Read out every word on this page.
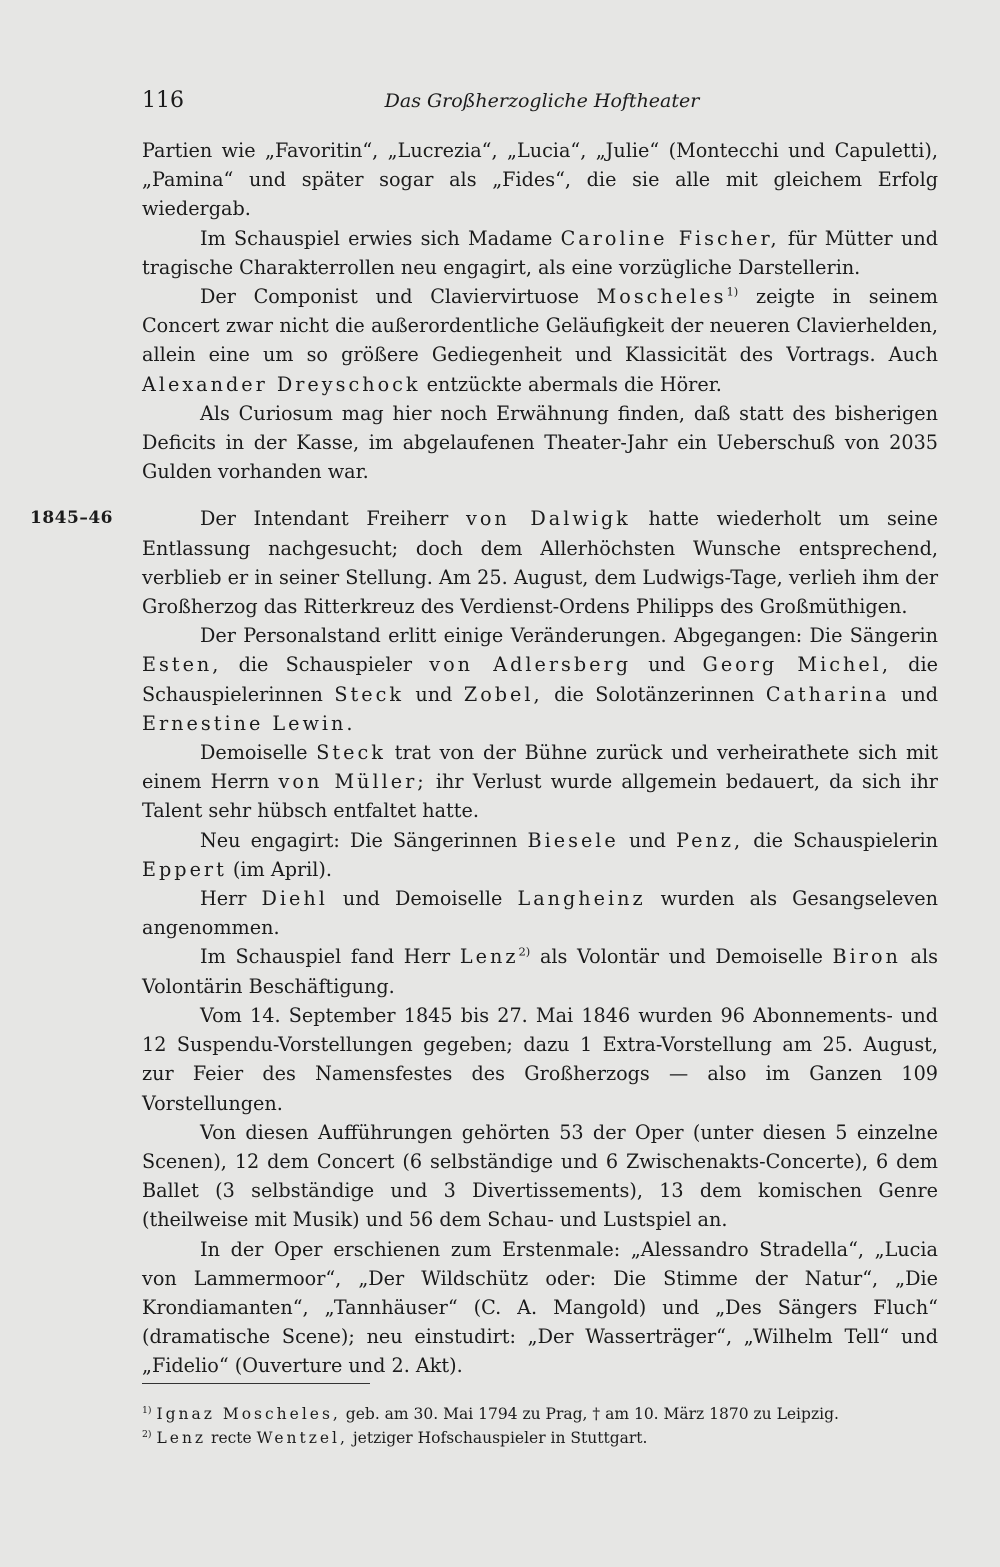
116	Das Großherzogliche Hoftheater

Partien wie „Favoritin“, „Lucrezia“, „Lucia“, „Julie“ (Montecchi und Capuletti), „Pamina“ und später sogar als „Fides“, die sie alle mit gleichem Erfolg wiedergab.

Im Schauspiel erwies sich Madame Caroline Fischer, für Mütter und tragische Charakterrollen neu engagirt, als eine vorzügliche Darstellerin.

Der Componist und Claviervirtuose Moscheles$^{1)}$ zeigte in seinem Concert zwar nicht die außerordentliche Geläufigkeit der neueren Clavierhelden, allein eine um so größere Gediegenheit und Klassicität des Vortrags. Auch Alexander Dreyschock entzückte abermals die Hörer.

Als Curiosum mag hier noch Erwähnung finden, daß statt des bisherigen Deficits in der Kasse, im abgelaufenen Theater-Jahr ein Ueberschuß von 2035 Gulden vorhanden war.

1845–46	Der Intendant Freiherr von Dalwigk hatte wiederholt um seine Entlassung nachgesucht; doch dem Allerhöchsten Wunsche entsprechend, verblieb er in seiner Stellung. Am 25. August, dem Ludwigs-Tage, verlieh ihm der Großherzog das Ritterkreuz des Verdienst-Ordens Philipps des Großmüthigen.

Der Personalstand erlitt einige Veränderungen. Abgegangen: Die Sängerin Esten, die Schauspieler von Adlersberg und Georg Michel, die Schauspielerinnen Steck und Zobel, die Solotänzerinnen Catharina und Ernestine Lewin.

Demoiselle Steck trat von der Bühne zurück und verheirathete sich mit einem Herrn von Müller; ihr Verlust wurde allgemein bedauert, da sich ihr Talent sehr hübsch entfaltet hatte.

Neu engagirt: Die Sängerinnen Biesele und Penz, die Schauspielerin Eppert (im April).

Herr Diehl und Demoiselle Langheinz wurden als Gesangseleven angenommen.

Im Schauspiel fand Herr Lenz$^{2)}$ als Volontär und Demoiselle Biron als Volontärin Beschäftigung.

Vom 14. September 1845 bis 27. Mai 1846 wurden 96 Abonnements- und 12 Suspendu-Vorstellungen gegeben; dazu 1 Extra-Vorstellung am 25. August, zur Feier des Namensfestes des Großherzogs — also im Ganzen 109 Vorstellungen.

Von diesen Aufführungen gehörten 53 der Oper (unter diesen 5 einzelne Scenen), 12 dem Concert (6 selbständige und 6 Zwischenakts-Concerte), 6 dem Ballet (3 selbständige und 3 Divertissements), 13 dem komischen Genre (theilweise mit Musik) und 56 dem Schau- und Lustspiel an.

In der Oper erschienen zum Erstenmale: „Alessandro Stradella“, „Lucia von Lammermoor“, „Der Wildschütz oder: Die Stimme der Natur“, „Die Krondiamanten“, „Tannhäuser“ (C. A. Mangold) und „Des Sängers Fluch“ (dramatische Scene); neu einstudirt: „Der Wasserträger“, „Wilhelm Tell“ und „Fidelio“ (Ouverture und 2. Akt).

$^{1)}$ Ignaz Moscheles, geb. am 30. Mai 1794 zu Prag, † am 10. März 1870 zu Leipzig.
$^{2)}$ Lenz recte Wentzel, jetziger Hofschauspieler in Stuttgart.
